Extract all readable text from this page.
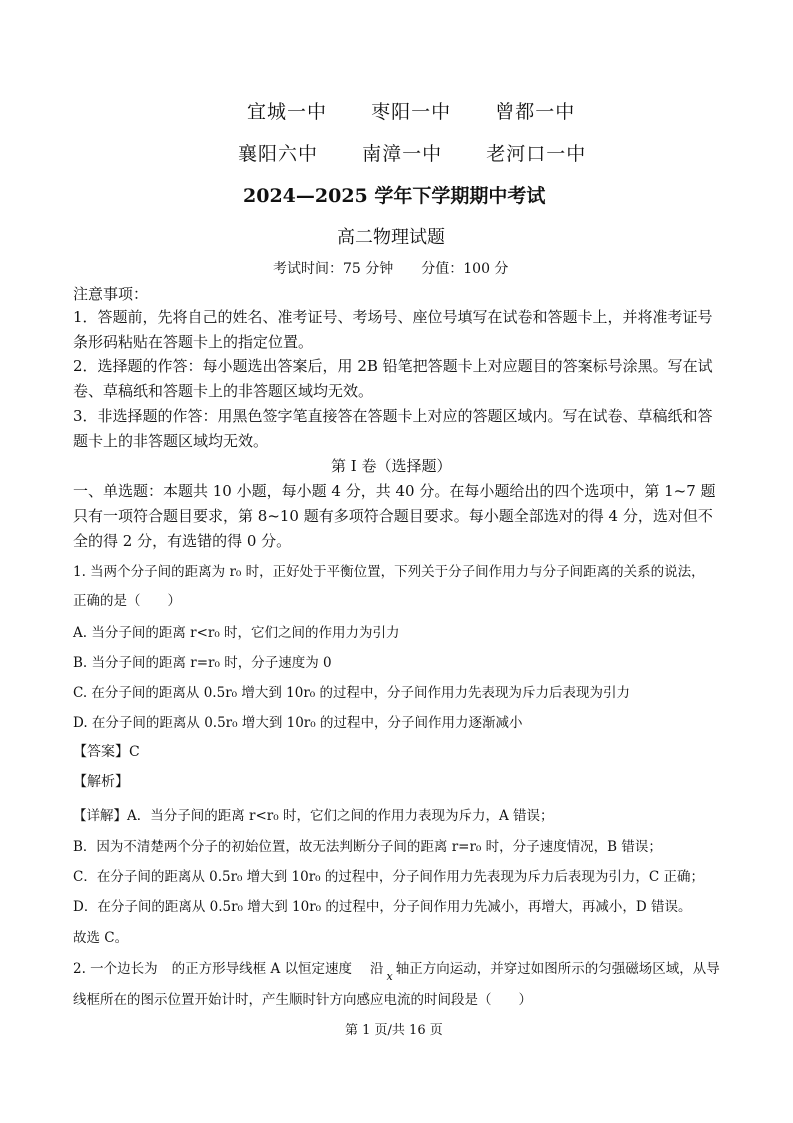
宜城一中 枣阳一中 曾都一中
襄阳六中 南漳一中 老河口一中
2024—2025 学年下学期期中考试
高二物理试题
考试时间：75 分钟　　分值：100 分
注意事项：
1．答题前，先将自己的姓名、准考证号、考场号、座位号填写在试卷和答题卡上，并将准考证号条形码粘贴在答题卡上的指定位置。
2．选择题的作答：每小题选出答案后，用 2B 铅笔把答题卡上对应题目的答案标号涂黑。写在试卷、草稿纸和答题卡上的非答题区域均无效。
3．非选择题的作答：用黑色签字笔直接答在答题卡上对应的答题区域内。写在试卷、草稿纸和答题卡上的非答题区域均无效。
第 I 卷（选择题）
一、单选题：本题共 10 小题，每小题 4 分，共 40 分。在每小题给出的四个选项中，第 1~7 题只有一项符合题目要求，第 8~10 题有多项符合题目要求。每小题全部选对的得 4 分，选对但不全的得 2 分，有选错的得 0 分。
1. 当两个分子间的距离为 r₀ 时，正好处于平衡位置，下列关于分子间作用力与分子间距离的关系的说法，
正确的是（　　）
A. 当分子间的距离 r<r₀ 时，它们之间的作用力为引力
B. 当分子间的距离 r=r₀ 时，分子速度为 0
C. 在分子间的距离从 0.5r₀ 增大到 10r₀ 的过程中，分子间作用力先表现为斥力后表现为引力
D. 在分子间的距离从 0.5r₀ 增大到 10r₀ 的过程中，分子间作用力逐渐减小
【答案】C
【解析】
【详解】A．当分子间的距离 r<r₀ 时，它们之间的作用力表现为斥力，A 错误；
B．因为不清楚两个分子的初始位置，故无法判断分子间的距离 r=r₀ 时，分子速度情况，B 错误；
C．在分子间的距离从 0.5r₀ 增大到 10r₀ 的过程中，分子间作用力先表现为斥力后表现为引力，C 正确；
D．在分子间的距离从 0.5r₀ 增大到 10r₀ 的过程中，分子间作用力先减小，再增大，再减小，D 错误。
故选 C。
2. 一个边长为 的正方形导线框 A 以恒定速度 沿 $_x$ 轴正方向运动，并穿过如图所示的匀强磁场区域，从导
线框所在的图示位置开始计时，产生顺时针方向感应电流的时间段是（　　）
第 1 页/共 16 页
